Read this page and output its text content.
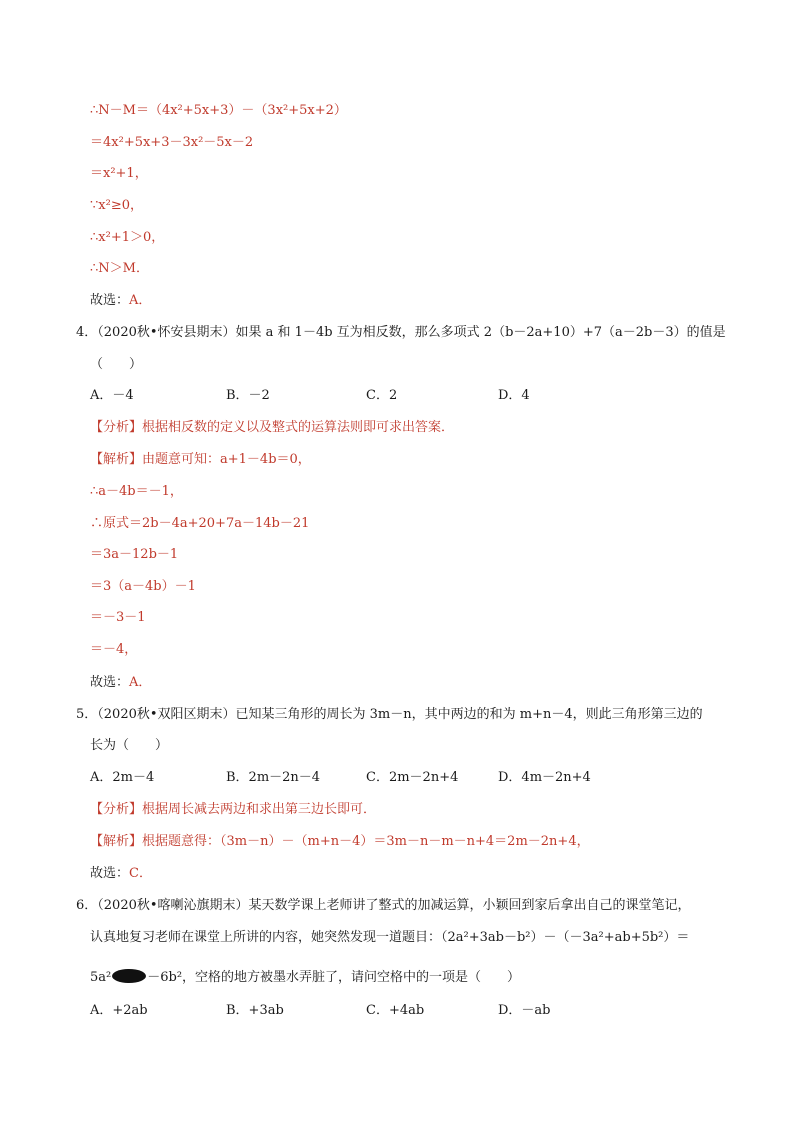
∴N－M＝（4x²+5x+3）－（3x²+5x+2）
＝4x²+5x+3－3x²－5x－2
＝x²+1，
∵x²≥0，
∴x²+1＞0，
∴N＞M．
故选：A．
4．（2020秋•怀安县期末）如果 a 和 1－4b 互为相反数，那么多项式 2（b－2a+10）+7（a－2b－3）的值是
（　　）
A．－4	B．－2	C．2	D．4
【分析】根据相反数的定义以及整式的运算法则即可求出答案．
【解析】由题意可知：a+1－4b＝0，
∴a－4b＝－1，
∴原式＝2b－4a+20+7a－14b－21
＝3a－12b－1
＝3（a－4b）－1
＝－3－1
＝－4，
故选：A．
5．（2020秋•双阳区期末）已知某三角形的周长为 3m－n，其中两边的和为 m+n－4，则此三角形第三边的
长为（　　）
A．2m－4	B．2m－2n－4	C．2m－2n+4	D．4m－2n+4
【分析】根据周长减去两边和求出第三边长即可．
【解析】根据题意得：（3m－n）－（m+n－4）＝3m－n－m－n+4＝2m－2n+4，
故选：C．
6．（2020秋•喀喇沁旗期末）某天数学课上老师讲了整式的加减运算，小颖回到家后拿出自己的课堂笔记，
认真地复习老师在课堂上所讲的内容，她突然发现一道题目：（2a²+3ab－b²）－（－3a²+ab+5b²）＝
5a²	－6b²，空格的地方被墨水弄脏了，请问空格中的一项是（　　）
A．+2ab	B．+3ab	C．+4ab	D．－ab
